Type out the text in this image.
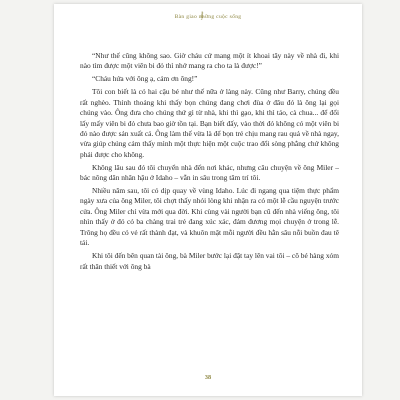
Bàn giao những cuộc sống

“Như thế cũng không sao. Giờ cháu cứ mang một ít khoai tây này về nhà đi, khi nào tìm được một viên bi đỏ thì nhớ mang ra cho ta là được!”

“Cháu hứa với ông ạ, cảm ơn ông!”

Tôi con biết là có hai cậu bé như thế nữa ở làng này. Cũng như Barry, chúng đều rất nghèo. Thỉnh thoảng khi thấy bọn chúng đang chơi đùa ở đâu đó là ông lại gọi chúng vào. Ông đưa cho chúng thứ gì từ nhà, khi thì gạo, khi thì táo, cà chua... để đổi lấy mấy viên bi đỏ chưa bao giờ tồn tại. Bạn biết đấy, vào thời đó không có một viên bi đỏ nào được sản xuất cả. Ông làm thế vừa là để bọn trẻ chịu mang rau quả về nhà ngay, vừa giúp chúng cảm thấy mình một thực hiện một cuộc trao đổi sòng phẳng chứ không phải được cho không.

Không lâu sau đó tôi chuyển nhà đến nơi khác, nhưng câu chuyện về ông Miler – bác nông dân nhân hậu ở Idaho – vẫn in sâu trong tâm trí tôi.

Nhiều năm sau, tôi có dịp quay về vùng Idaho. Lúc đi ngang qua tiệm thực phẩm ngày xưa của ông Miler, tôi chợt thấy nhói lòng khi nhận ra có một lễ cầu nguyện trước cửa. Ông Miler chỉ vừa mới qua đời. Khi cùng vài người bạn cũ đến nhà viếng ông, tôi nhìn thấy ở đó có ba chàng trai trẻ đang xúc xác, đảm đương mọi chuyện ở trong lễ. Trông họ đều có vẻ rất thành đạt, và khuôn mặt mỗi người đều hằn sâu nỗi buồn đau tê tái.

Khi tôi đến bên quan tài ông, bà Miler bước lại đặt tay lên vai tôi – cô bé hàng xóm rất thân thiết với ông bà

38
